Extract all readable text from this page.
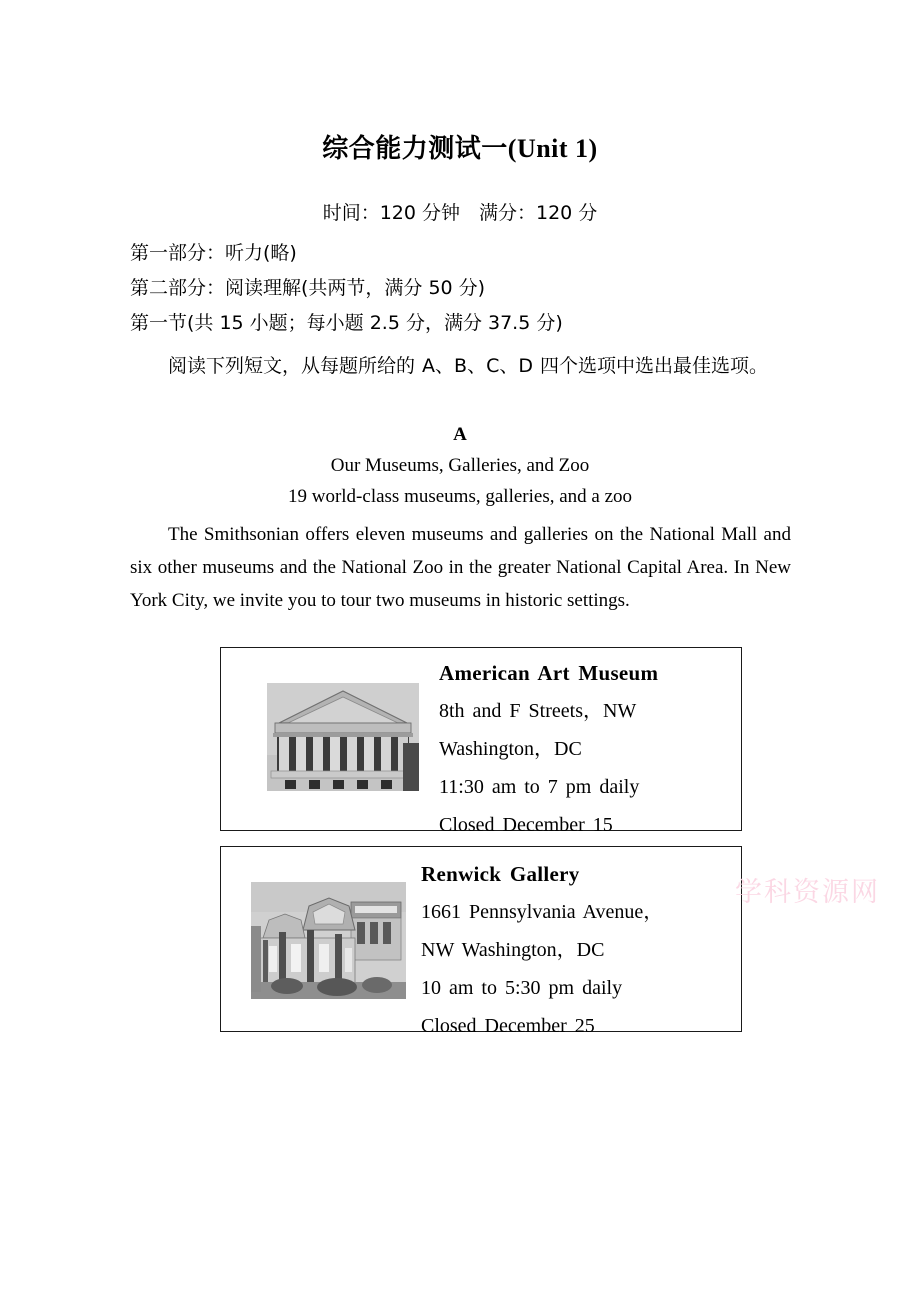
综合能力测试一(Unit 1)
时间：120 分钟　满分：120 分
第一部分：听力(略)
第二部分：阅读理解(共两节，满分 50 分)
第一节(共 15 小题；每小题 2.5 分，满分 37.5 分)
阅读下列短文，从每题所给的 A、B、C、D 四个选项中选出最佳选项。
A
Our Museums, Galleries, and Zoo
19 world-class museums, galleries, and a zoo
The Smithsonian offers eleven museums and galleries on the National Mall and six other museums and the National Zoo in the greater National Capital Area. In New York City, we invite you to tour two museums in historic settings.
American Art Museum
8th and F Streets，NW
Washington，DC
11:30 am to 7 pm daily
Closed December 15
Renwick Gallery
1661 Pennsylvania Avenue，
NW Washington，DC
10 am to 5:30 pm daily
Closed December 25
学科资源网
